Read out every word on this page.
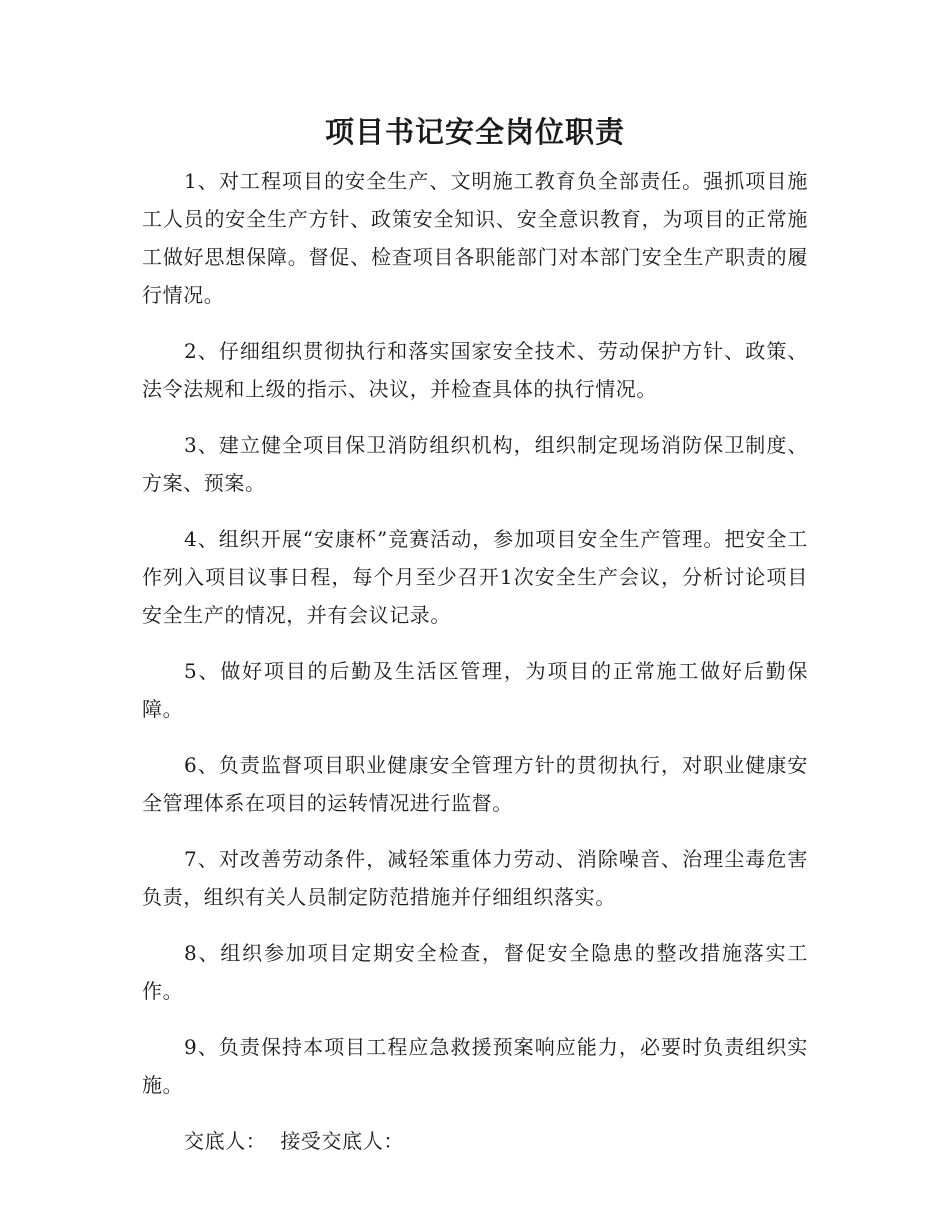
项目书记安全岗位职责

1、对工程项目的安全生产、文明施工教育负全部责任。强抓项目施工人员的安全生产方针、政策安全知识、安全意识教育，为项目的正常施工做好思想保障。督促、检查项目各职能部门对本部门安全生产职责的履行情况。

2、仔细组织贯彻执行和落实国家安全技术、劳动保护方针、政策、法令法规和上级的指示、决议，并检查具体的执行情况。

3、建立健全项目保卫消防组织机构，组织制定现场消防保卫制度、方案、预案。

4、组织开展“安康杯”竞赛活动，参加项目安全生产管理。把安全工作列入项目议事日程，每个月至少召开1次安全生产会议，分析讨论项目安全生产的情况，并有会议记录。

5、做好项目的后勤及生活区管理，为项目的正常施工做好后勤保障。

6、负责监督项目职业健康安全管理方针的贯彻执行，对职业健康安全管理体系在项目的运转情况进行监督。

7、对改善劳动条件，减轻笨重体力劳动、消除噪音、治理尘毒危害负责，组织有关人员制定防范措施并仔细组织落实。

8、组织参加项目定期安全检查，督促安全隐患的整改措施落实工作。

9、负责保持本项目工程应急救援预案响应能力，必要时负责组织实施。

交底人：  接受交底人：
